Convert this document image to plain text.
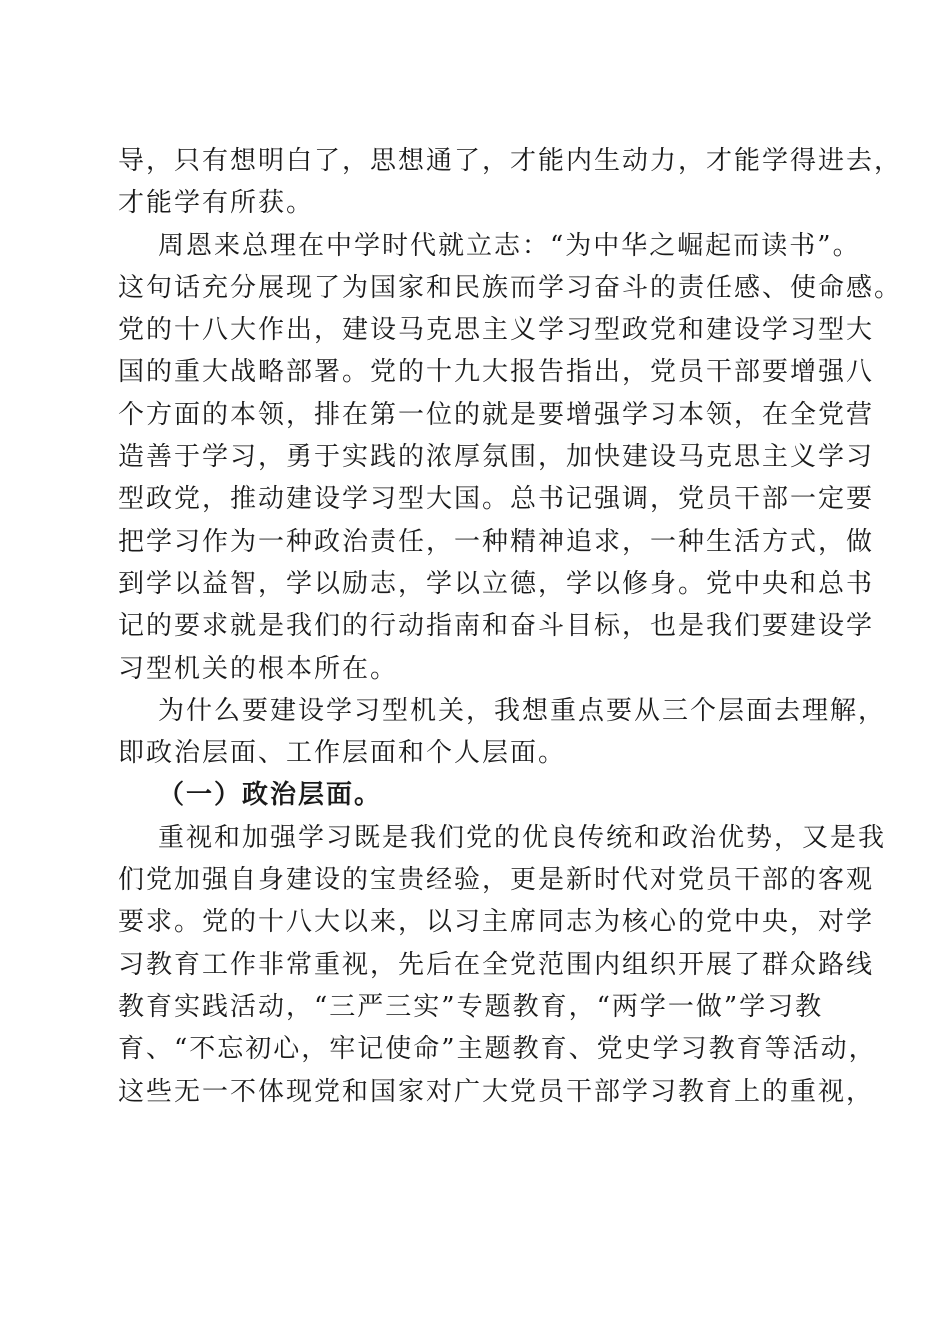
导，只有想明白了，思想通了，才能内生动力，才能学得进去，
才能学有所获。
周恩来总理在中学时代就立志：“为中华之崛起而读书”。
这句话充分展现了为国家和民族而学习奋斗的责任感、使命感。
党的十八大作出，建设马克思主义学习型政党和建设学习型大
国的重大战略部署。党的十九大报告指出，党员干部要增强八
个方面的本领，排在第一位的就是要增强学习本领，在全党营
造善于学习，勇于实践的浓厚氛围，加快建设马克思主义学习
型政党，推动建设学习型大国。总书记强调，党员干部一定要
把学习作为一种政治责任，一种精神追求，一种生活方式，做
到学以益智，学以励志，学以立德，学以修身。党中央和总书
记的要求就是我们的行动指南和奋斗目标，也是我们要建设学
习型机关的根本所在。
为什么要建设学习型机关，我想重点要从三个层面去理解，
即政治层面、工作层面和个人层面。
（一）政治层面。
重视和加强学习既是我们党的优良传统和政治优势，又是我
们党加强自身建设的宝贵经验，更是新时代对党员干部的客观
要求。党的十八大以来，以习主席同志为核心的党中央，对学
习教育工作非常重视，先后在全党范围内组织开展了群众路线
教育实践活动，“三严三实”专题教育，“两学一做”学习教
育、“不忘初心，牢记使命”主题教育、党史学习教育等活动，
这些无一不体现党和国家对广大党员干部学习教育上的重视，
